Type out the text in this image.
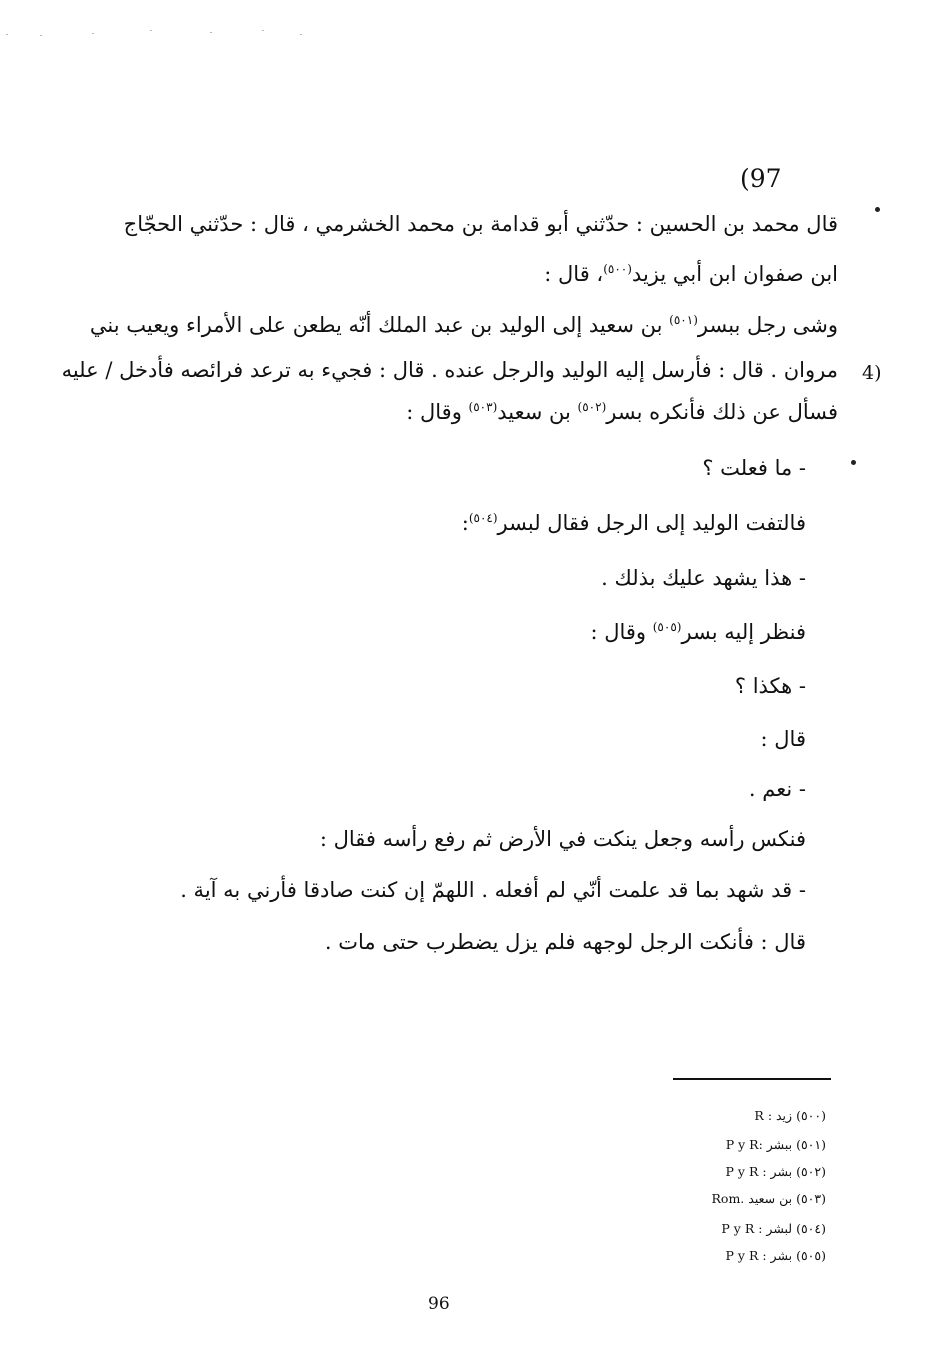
(97
قال محمد بن الحسين : حدّثني أبو قدامة بن محمد الخشرمي ، قال : حدّثني الحجّاج
ابن صفوان ابن أبي يزيد$^{(٥٠٠)}$، قال :
وشى رجل ببسر$^{(٥٠١)}$ بن سعيد إلى الوليد بن عبد الملك أنّه يطعن على الأمراء ويعيب بني
4)
مروان . قال : فأرسل إليه الوليد والرجل عنده . قال : فجيء به ترعد فرائصه فأدخل / عليه
فسأل عن ذلك فأنكره بسر$^{(٥٠٢)}$ بن سعيد$^{(٥٠٣)}$ وقال :
- ما فعلت ؟
فالتفت الوليد إلى الرجل فقال لبسر$^{(٥٠٤)}$:
- هذا يشهد عليك بذلك .
فنظر إليه بسر$^{(٥٠٥)}$ وقال :
- هكذا ؟
قال :
- نعم .
فنكس رأسه وجعل ينكت في الأرض ثم رفع رأسه فقال :
- قد شهد بما قد علمت أنّي لم أفعله . اللهمّ إن كنت صادقا فأرني به آية .
قال : فأنكت الرجل لوجهه فلم يزل يضطرب حتى مات .
(٥٠٠) زيد : R
(٥٠١) ببشر P y R:
(٥٠٢) بشر : P y R
(٥٠٣) بن سعيد Rom.
(٥٠٤) لبشر : P y R
(٥٠٥) بشر : P y R
96
